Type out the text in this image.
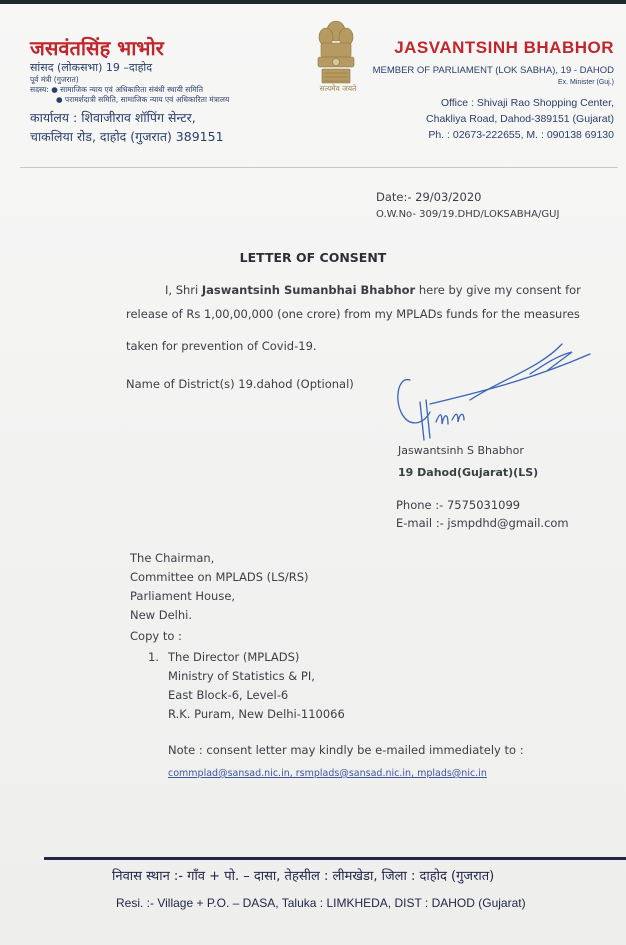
जसवंतसिंह भाभोर
सांसद (लोकसभा) 19 –दाहोद
पूर्व मंत्री (गुजरात)
सदस्य: ● सामाजिक न्याय एवं अधिकारिता संबंधी स्थायी समिति
● परामर्शदात्री समिति, सामाजिक न्याय एवं अधिकारिता मंत्रालय
कार्यालय : शिवाजीराव शॉपिंग सेन्टर,
चाकलिया रोड, दाहोद (गुजरात) 389151
सत्यमेव जयते
JASVANTSINH BHABHOR
MEMBER OF PARLIAMENT (LOK SABHA), 19 - DAHOD
Ex. Minister (Guj.)
Office : Shivaji Rao Shopping Center,
Chakliya Road, Dahod-389151 (Gujarat)
Ph. : 02673-222655, M. : 090138 69130
Date:- 29/03/2020
O.W.No- 309/19.DHD/LOKSABHA/GUJ
LETTER OF CONSENT
I, Shri Jaswantsinh Sumanbhai Bhabhor here by give my consent for
release of Rs 1,00,00,000 (one crore) from my MPLADs funds for the measures
taken for prevention of Covid-19.
Name of District(s) 19.dahod (Optional)
Jaswantsinh S Bhabhor
19 Dahod(Gujarat)(LS)
Phone :- 7575031099
E-mail :- jsmpdhd@gmail.com
The Chairman,
Committee on MPLADS (LS/RS)
Parliament House,
New Delhi.
Copy to :
1. The Director (MPLADS)
Ministry of Statistics & PI,
East Block-6, Level-6
R.K. Puram, New Delhi-110066
Note : consent letter may kindly be e-mailed immediately to :
commplad@sansad.nic.in, rsmplads@sansad.nic.in, mplads@nic.in
निवास स्थान :- गाँव + पो. – दासा, तेहसील : लीमखेडा, जिला : दाहोद (गुजरात)
Resi. :- Village + P.O. – DASA, Taluka : LIMKHEDA, DIST : DAHOD (Gujarat)
